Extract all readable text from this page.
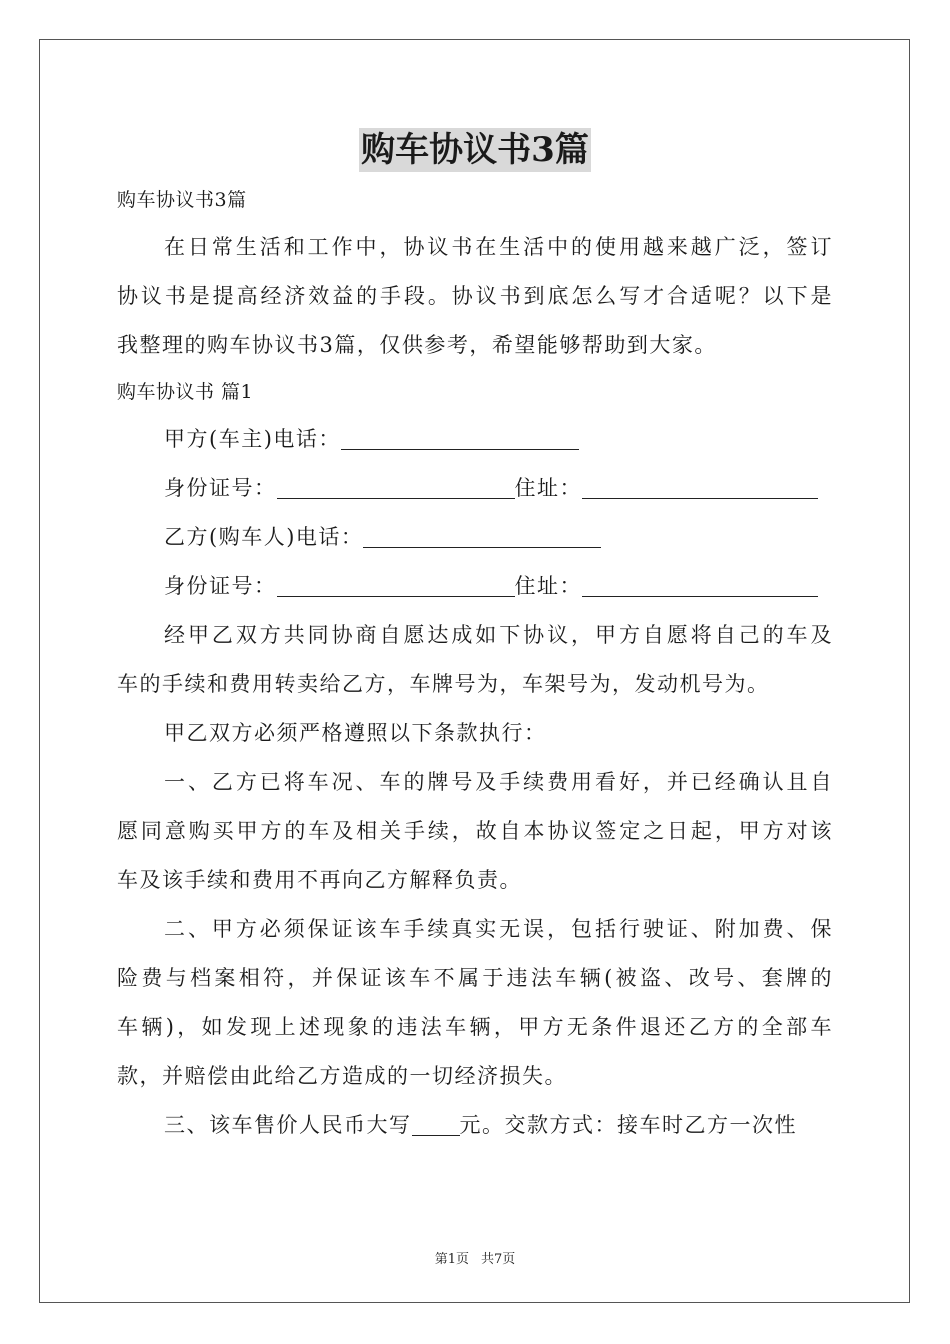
购车协议书3篇
购车协议书3篇
在日常生活和工作中，协议书在生活中的使用越来越广泛，签订
协议书是提高经济效益的手段。协议书到底怎么写才合适呢？以下是
我整理的购车协议书3篇，仅供参考，希望能够帮助到大家。
购车协议书 篇1
甲方(车主)电话：
身份证号：	住址：
乙方(购车人)电话：
身份证号：	住址：
经甲乙双方共同协商自愿达成如下协议，甲方自愿将自己的车及
车的手续和费用转卖给乙方，车牌号为，车架号为，发动机号为。
甲乙双方必须严格遵照以下条款执行：
一、乙方已将车况、车的牌号及手续费用看好，并已经确认且自
愿同意购买甲方的车及相关手续，故自本协议签定之日起，甲方对该
车及该手续和费用不再向乙方解释负责。
二、甲方必须保证该车手续真实无误，包括行驶证、附加费、保
险费与档案相符，并保证该车不属于违法车辆(被盗、改号、套牌的
车辆)，如发现上述现象的违法车辆，甲方无条件退还乙方的全部车
款，并赔偿由此给乙方造成的一切经济损失。
三、该车售价人民币大写 元。交款方式：接车时乙方一次性
第1页 共7页
